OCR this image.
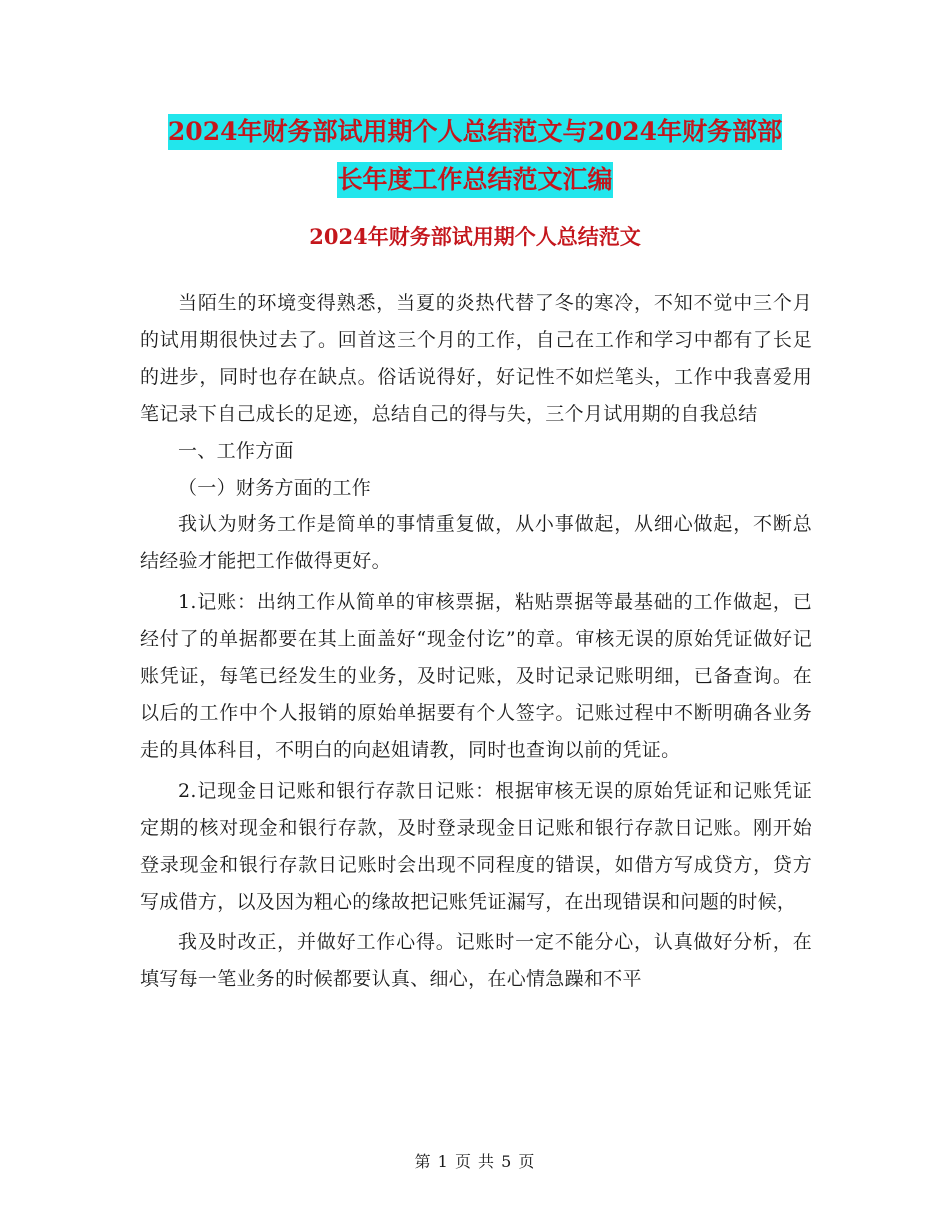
2024年财务部试用期个人总结范文与2024年财务部部
长年度工作总结范文汇编
2024年财务部试用期个人总结范文

当陌生的环境变得熟悉，当夏的炎热代替了冬的寒冷，不知不觉中三个月的试用期很快过去了。回首这三个月的工作，自己在工作和学习中都有了长足的进步，同时也存在缺点。俗话说得好，好记性不如烂笔头，工作中我喜爱用笔记录下自己成长的足迹，总结自己的得与失，三个月试用期的自我总结

一、工作方面

（一）财务方面的工作

我认为财务工作是简单的事情重复做，从小事做起，从细心做起，不断总结经验才能把工作做得更好。

1.记账：出纳工作从简单的审核票据，粘贴票据等最基础的工作做起，已经付了的单据都要在其上面盖好“现金付讫”的章。审核无误的原始凭证做好记账凭证，每笔已经发生的业务，及时记账，及时记录记账明细，已备查询。在以后的工作中个人报销的原始单据要有个人签字。记账过程中不断明确各业务走的具体科目，不明白的向赵姐请教，同时也查询以前的凭证。

2.记现金日记账和银行存款日记账：根据审核无误的原始凭证和记账凭证定期的核对现金和银行存款，及时登录现金日记账和银行存款日记账。刚开始登录现金和银行存款日记账时会出现不同程度的错误，如借方写成贷方，贷方写成借方，以及因为粗心的缘故把记账凭证漏写，在出现错误和问题的时候，

我及时改正，并做好工作心得。记账时一定不能分心，认真做好分析，在填写每一笔业务的时候都要认真、细心，在心情急躁和不平

第 1 页 共 5 页
